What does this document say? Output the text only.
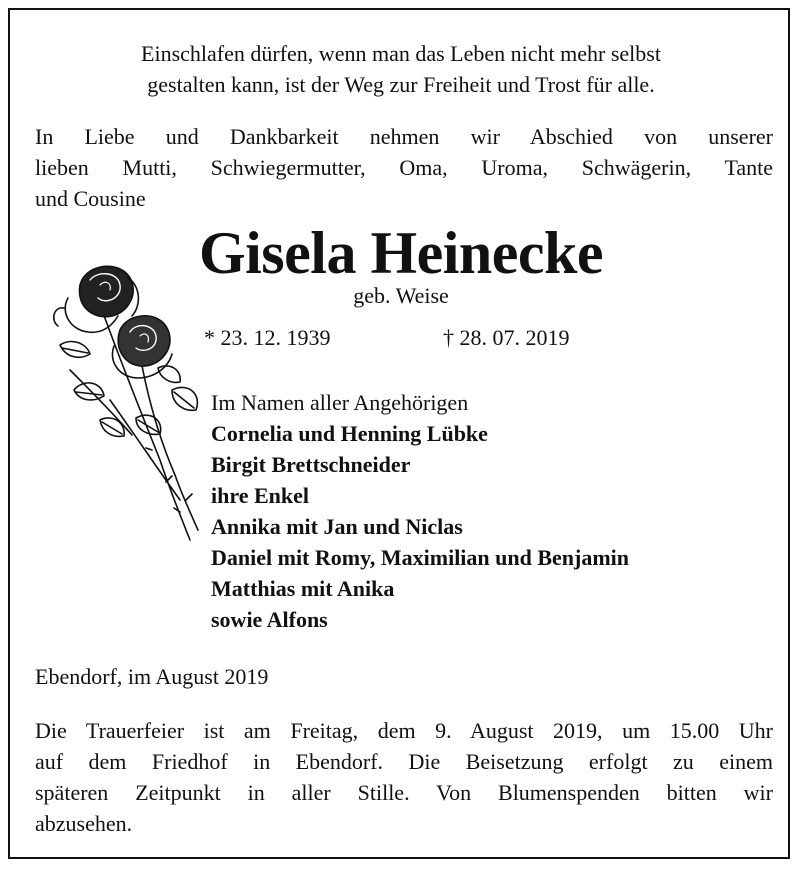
Einschlafen dürfen, wenn man das Leben nicht mehr selbst
gestalten kann, ist der Weg zur Freiheit und Trost für alle.
In Liebe und Dankbarkeit nehmen wir Abschied von unserer
lieben Mutti, Schwiegermutter, Oma, Uroma, Schwägerin, Tante
und Cousine
Gisela Heinecke
geb. Weise
* 23. 12. 1939	† 28. 07. 2019
Im Namen aller Angehörigen
Cornelia und Henning Lübke
Birgit Brettschneider
ihre Enkel
Annika mit Jan und Niclas
Daniel mit Romy, Maximilian und Benjamin
Matthias mit Anika
sowie Alfons
Ebendorf, im August 2019
Die Trauerfeier ist am Freitag, dem 9. August 2019, um 15.00 Uhr
auf dem Friedhof in Ebendorf. Die Beisetzung erfolgt zu einem
späteren Zeitpunkt in aller Stille. Von Blumenspenden bitten wir
abzusehen.
